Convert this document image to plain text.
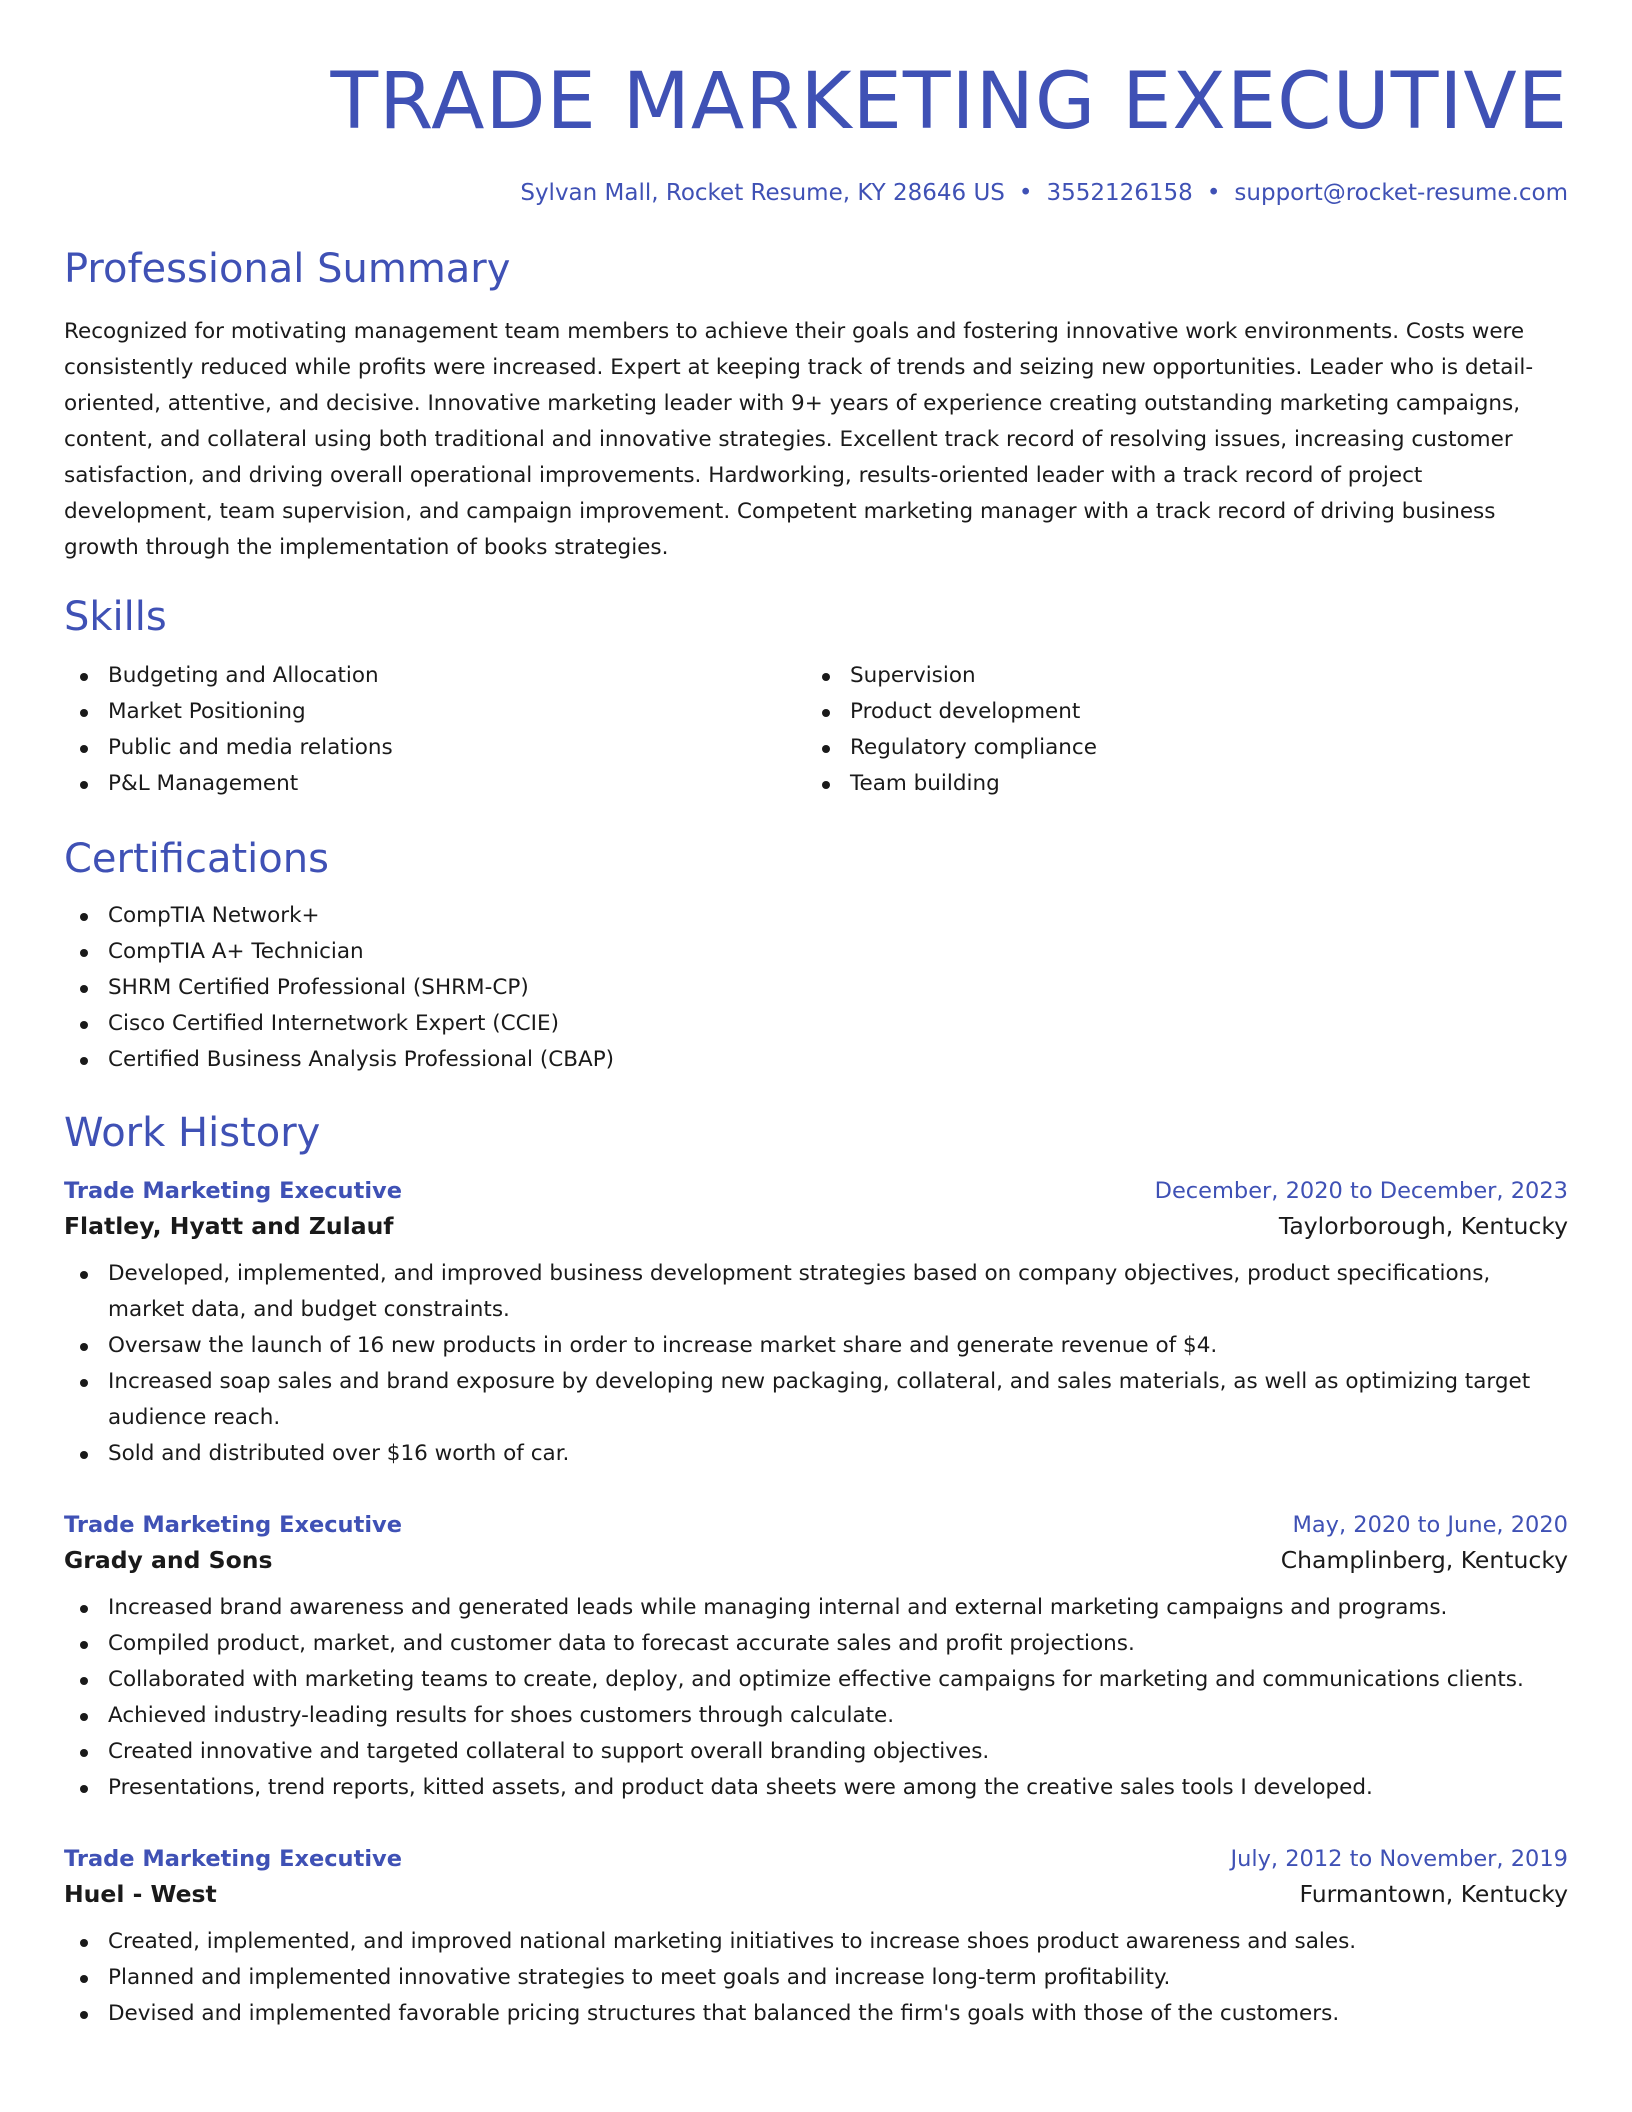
TRADE MARKETING EXECUTIVE
Sylvan Mall, Rocket Resume, KY 28646 US • 3552126158 • support@rocket-resume.com
Professional Summary
Recognized for motivating management team members to achieve their goals and fostering innovative work environments. Costs were consistently reduced while profits were increased. Expert at keeping track of trends and seizing new opportunities. Leader who is detail-oriented, attentive, and decisive. Innovative marketing leader with 9+ years of experience creating outstanding marketing campaigns, content, and collateral using both traditional and innovative strategies. Excellent track record of resolving issues, increasing customer satisfaction, and driving overall operational improvements. Hardworking, results-oriented leader with a track record of project development, team supervision, and campaign improvement. Competent marketing manager with a track record of driving business growth through the implementation of books strategies.
Skills
Budgeting and Allocation
Market Positioning
Public and media relations
P&L Management
Supervision
Product development
Regulatory compliance
Team building
Certifications
CompTIA Network+
CompTIA A+ Technician
SHRM Certified Professional (SHRM-CP)
Cisco Certified Internetwork Expert (CCIE)
Certified Business Analysis Professional (CBAP)
Work History
Trade Marketing Executive	December, 2020 to December, 2023
Flatley, Hyatt and Zulauf	Taylorborough, Kentucky
Developed, implemented, and improved business development strategies based on company objectives, product specifications, market data, and budget constraints.
Oversaw the launch of 16 new products in order to increase market share and generate revenue of $4.
Increased soap sales and brand exposure by developing new packaging, collateral, and sales materials, as well as optimizing target audience reach.
Sold and distributed over $16 worth of car.
Trade Marketing Executive	May, 2020 to June, 2020
Grady and Sons	Champlinberg, Kentucky
Increased brand awareness and generated leads while managing internal and external marketing campaigns and programs.
Compiled product, market, and customer data to forecast accurate sales and profit projections.
Collaborated with marketing teams to create, deploy, and optimize effective campaigns for marketing and communications clients.
Achieved industry-leading results for shoes customers through calculate.
Created innovative and targeted collateral to support overall branding objectives.
Presentations, trend reports, kitted assets, and product data sheets were among the creative sales tools I developed.
Trade Marketing Executive	July, 2012 to November, 2019
Huel - West	Furmantown, Kentucky
Created, implemented, and improved national marketing initiatives to increase shoes product awareness and sales.
Planned and implemented innovative strategies to meet goals and increase long-term profitability.
Devised and implemented favorable pricing structures that balanced the firm's goals with those of the customers.
